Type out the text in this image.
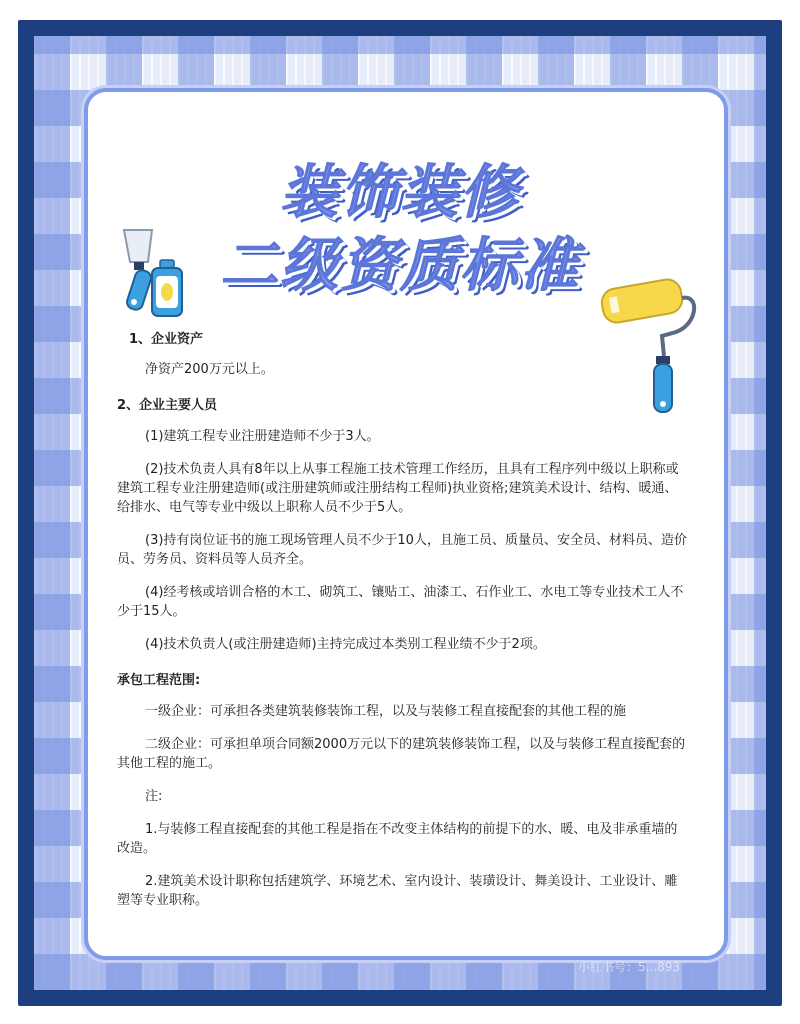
装饰装修
二级资质标准

1、企业资产

净资产200万元以上。

2、企业主要人员

(1)建筑工程专业注册建造师不少于3人。

(2)技术负责人具有8年以上从事工程施工技术管理工作经历，且具有工程序列中级以上职称或建筑工程专业注册建造师(或注册建筑师或注册结构工程师)执业资格;建筑美术设计、结构、暖通、给排水、电气等专业中级以上职称人员不少于5人。

(3)持有岗位证书的施工现场管理人员不少于10人，且施工员、质量员、安全员、材料员、造价员、劳务员、资料员等人员齐全。

(4)经考核或培训合格的木工、砌筑工、镶贴工、油漆工、石作业工、水电工等专业技术工人不少于15人。

(4)技术负责人(或注册建造师)主持完成过本类别工程业绩不少于2项。

承包工程范围:

一级企业：可承担各类建筑装修装饰工程，以及与装修工程直接配套的其他工程的施

二级企业：可承担单项合同额2000万元以下的建筑装修装饰工程，以及与装修工程直接配套的其他工程的施工。

注:

1.与装修工程直接配套的其他工程是指在不改变主体结构的前提下的水、暖、电及非承重墙的改造。

2.建筑美术设计职称包括建筑学、环境艺术、室内设计、装璜设计、舞美设计、工业设计、雕塑等专业职称。

小红书号：5...893
